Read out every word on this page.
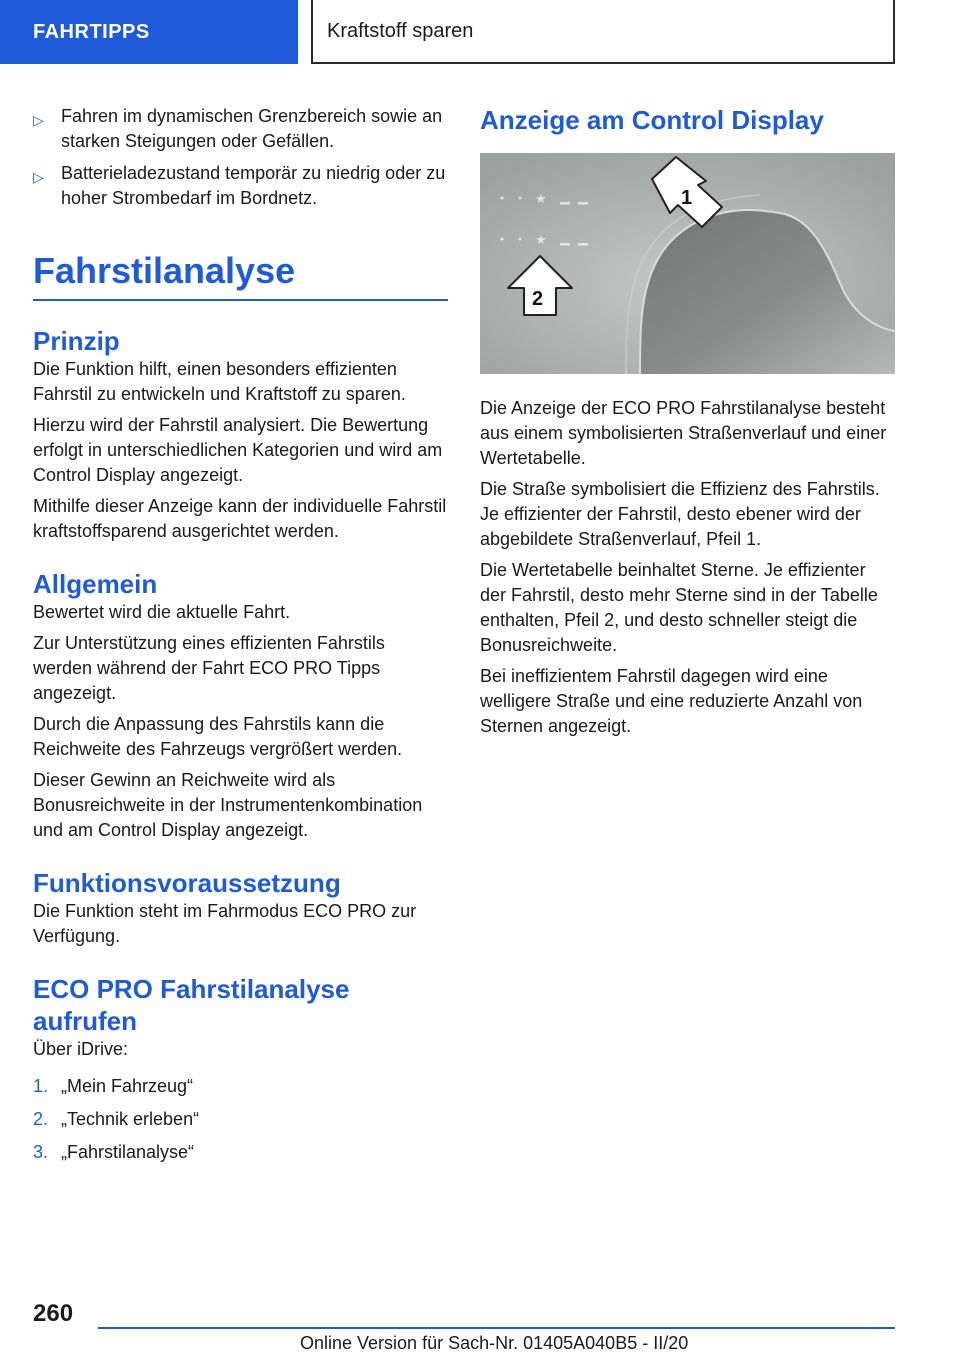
FAHRTIPPS	Kraftstoff sparen
▷ Fahren im dynamischen Grenzbereich sowie an starken Steigungen oder Gefällen.
▷ Batterieladezustand temporär zu niedrig oder zu hoher Strombedarf im Bordnetz.
Fahrstilanalyse
Prinzip

Die Funktion hilft, einen besonders effizienten Fahrstil zu entwickeln und Kraftstoff zu sparen.

Hierzu wird der Fahrstil analysiert. Die Bewertung erfolgt in unterschiedlichen Kategorien und wird am Control Display angezeigt.

Mithilfe dieser Anzeige kann der individuelle Fahrstil kraftstoffsparend ausgerichtet werden.

Allgemein

Bewertet wird die aktuelle Fahrt.

Zur Unterstützung eines effizienten Fahrstils werden während der Fahrt ECO PRO Tipps angezeigt.

Durch die Anpassung des Fahrstils kann die Reichweite des Fahrzeugs vergrößert werden.

Dieser Gewinn an Reichweite wird als Bonusreichweite in der Instrumentenkombination und am Control Display angezeigt.

Funktionsvoraussetzung

Die Funktion steht im Fahrmodus ECO PRO zur Verfügung.

ECO PRO Fahrstilanalyse aufrufen

Über iDrive:

1. „Mein Fahrzeug“
2. „Technik erleben“
3. „Fahrstilanalyse“
Anzeige am Control Display
★
★
1
2

Die Anzeige der ECO PRO Fahrstilanalyse besteht aus einem symbolisierten Straßenverlauf und einer Wertetabelle.

Die Straße symbolisiert die Effizienz des Fahrstils. Je effizienter der Fahrstil, desto ebener wird der abgebildete Straßenverlauf, Pfeil 1.

Die Wertetabelle beinhaltet Sterne. Je effizienter der Fahrstil, desto mehr Sterne sind in der Tabelle enthalten, Pfeil 2, und desto schneller steigt die Bonusreichweite.

Bei ineffizientem Fahrstil dagegen wird eine welligere Straße und eine reduzierte Anzahl von Sternen angezeigt.

260
Online Version für Sach-Nr. 01405A040B5 - II/20
